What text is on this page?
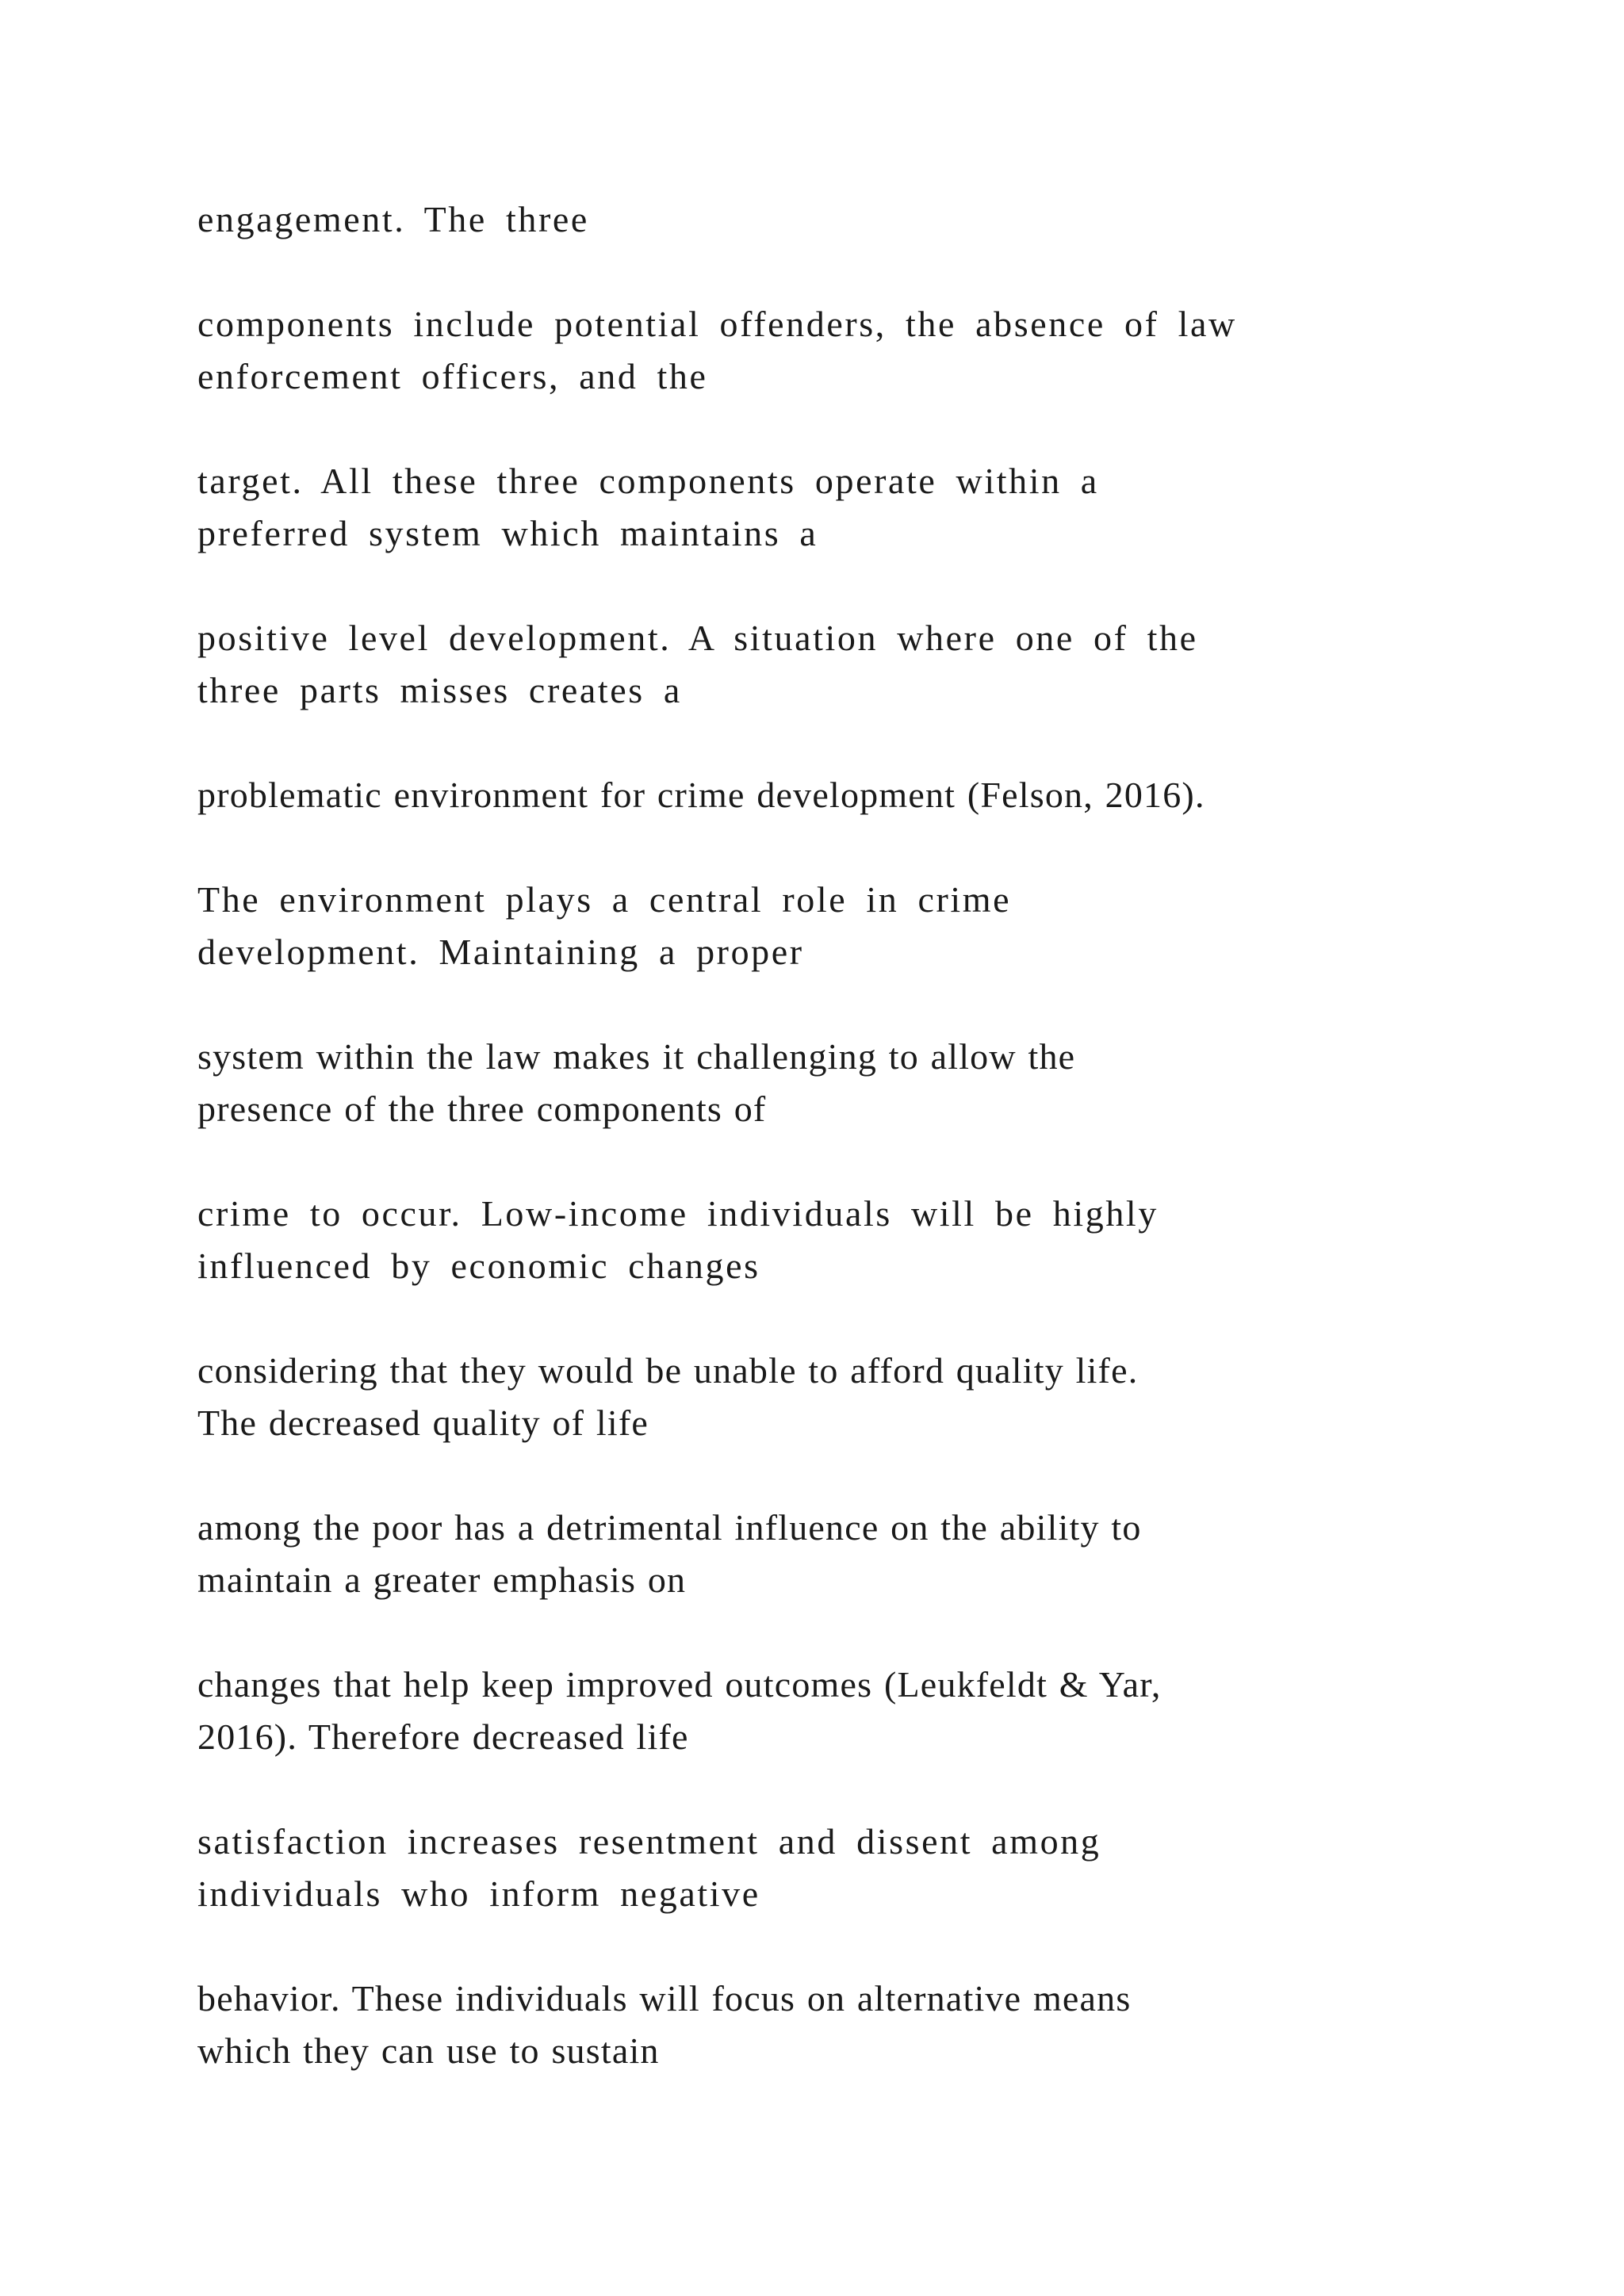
engagement. The three
components include potential offenders, the absence of law
enforcement officers, and the
target. All these three components operate within a
preferred system which maintains a
positive level development. A situation where one of the
three parts misses creates a
problematic environment for crime development (Felson, 2016).
The environment plays a central role in crime
development. Maintaining a proper
system within the law makes it challenging to allow the
presence of the three components of
crime to occur. Low-income individuals will be highly
influenced by economic changes
considering that they would be unable to afford quality life.
The decreased quality of life
among the poor has a detrimental influence on the ability to
maintain a greater emphasis on
changes that help keep improved outcomes (Leukfeldt & Yar,
2016). Therefore decreased life
satisfaction increases resentment and dissent among
individuals who inform negative
behavior. These individuals will focus on alternative means
which they can use to sustain
